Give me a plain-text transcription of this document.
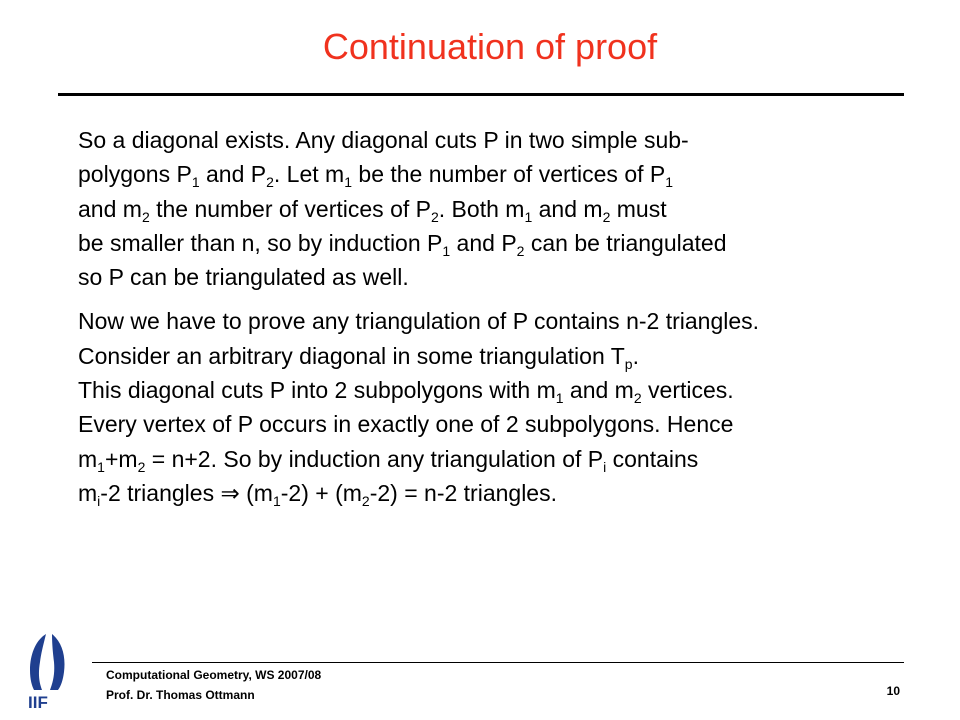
Continuation of proof
So a diagonal exists. Any diagonal cuts P in two simple sub-
polygons $P_1$ and $P_2$. Let $m_1$ be the number of vertices of $P_1$
and $m_2$ the number of vertices of $P_2$. Both $m_1$ and $m_2$ must
be smaller than n, so by induction $P_1$ and $P_2$ can be triangulated
so P can be triangulated as well.
Now we have to prove any triangulation of P contains n-2 triangles.
Consider an arbitrary diagonal in some triangulation $T_p$.
This diagonal cuts P into 2 subpolygons with $m_1$ and $m_2$ vertices.
Every vertex of P occurs in exactly one of 2 subpolygons. Hence
$m_1+m_2 = n+2$. So by induction any triangulation of $P_i$ contains
$m_i-2$ triangles ⇒ $(m_1-2) + (m_2-2) = n-2$ triangles.
IIF
Computational Geometry, WS 2007/08
Prof. Dr. Thomas Ottmann	10
